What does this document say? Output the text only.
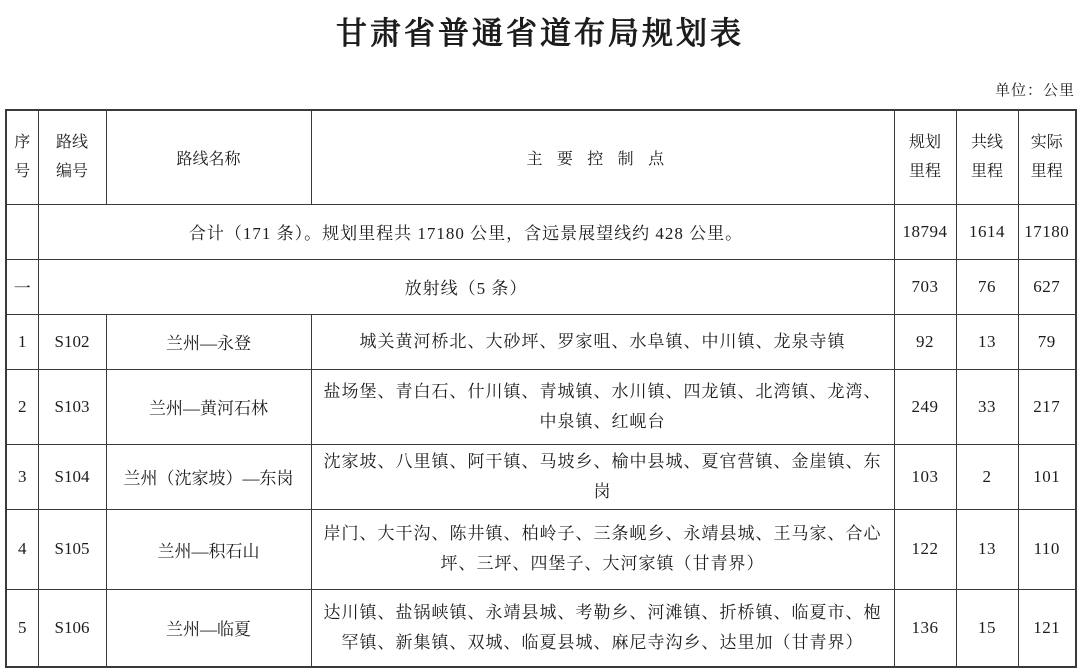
甘肃省普通省道布局规划表
单位：公里
序号	路线编号	路线名称	主要控制点	规划里程	共线里程	实际里程
	合计（171 条）。规划里程共 17180 公里，含远景展望线约 428 公里。			18794	1614	17180
一	放射线（5 条）			703	76	627
1	S102	兰州—永登	城关黄河桥北、大砂坪、罗家咀、水阜镇、中川镇、龙泉寺镇	92	13	79
2	S103	兰州—黄河石林	盐场堡、青白石、什川镇、青城镇、水川镇、四龙镇、北湾镇、龙湾、中泉镇、红岘台	249	33	217
3	S104	兰州（沈家坡）—东岗	沈家坡、八里镇、阿干镇、马坡乡、榆中县城、夏官营镇、金崖镇、东岗	103	2	101
4	S105	兰州—积石山	岸门、大干沟、陈井镇、柏岭子、三条岘乡、永靖县城、王马家、合心坪、三坪、四堡子、大河家镇（甘青界）	122	13	110
5	S106	兰州—临夏	达川镇、盐锅峡镇、永靖县城、考勒乡、河滩镇、折桥镇、临夏市、枹罕镇、新集镇、双城、临夏县城、麻尼寺沟乡、达里加（甘青界）	136	15	121
